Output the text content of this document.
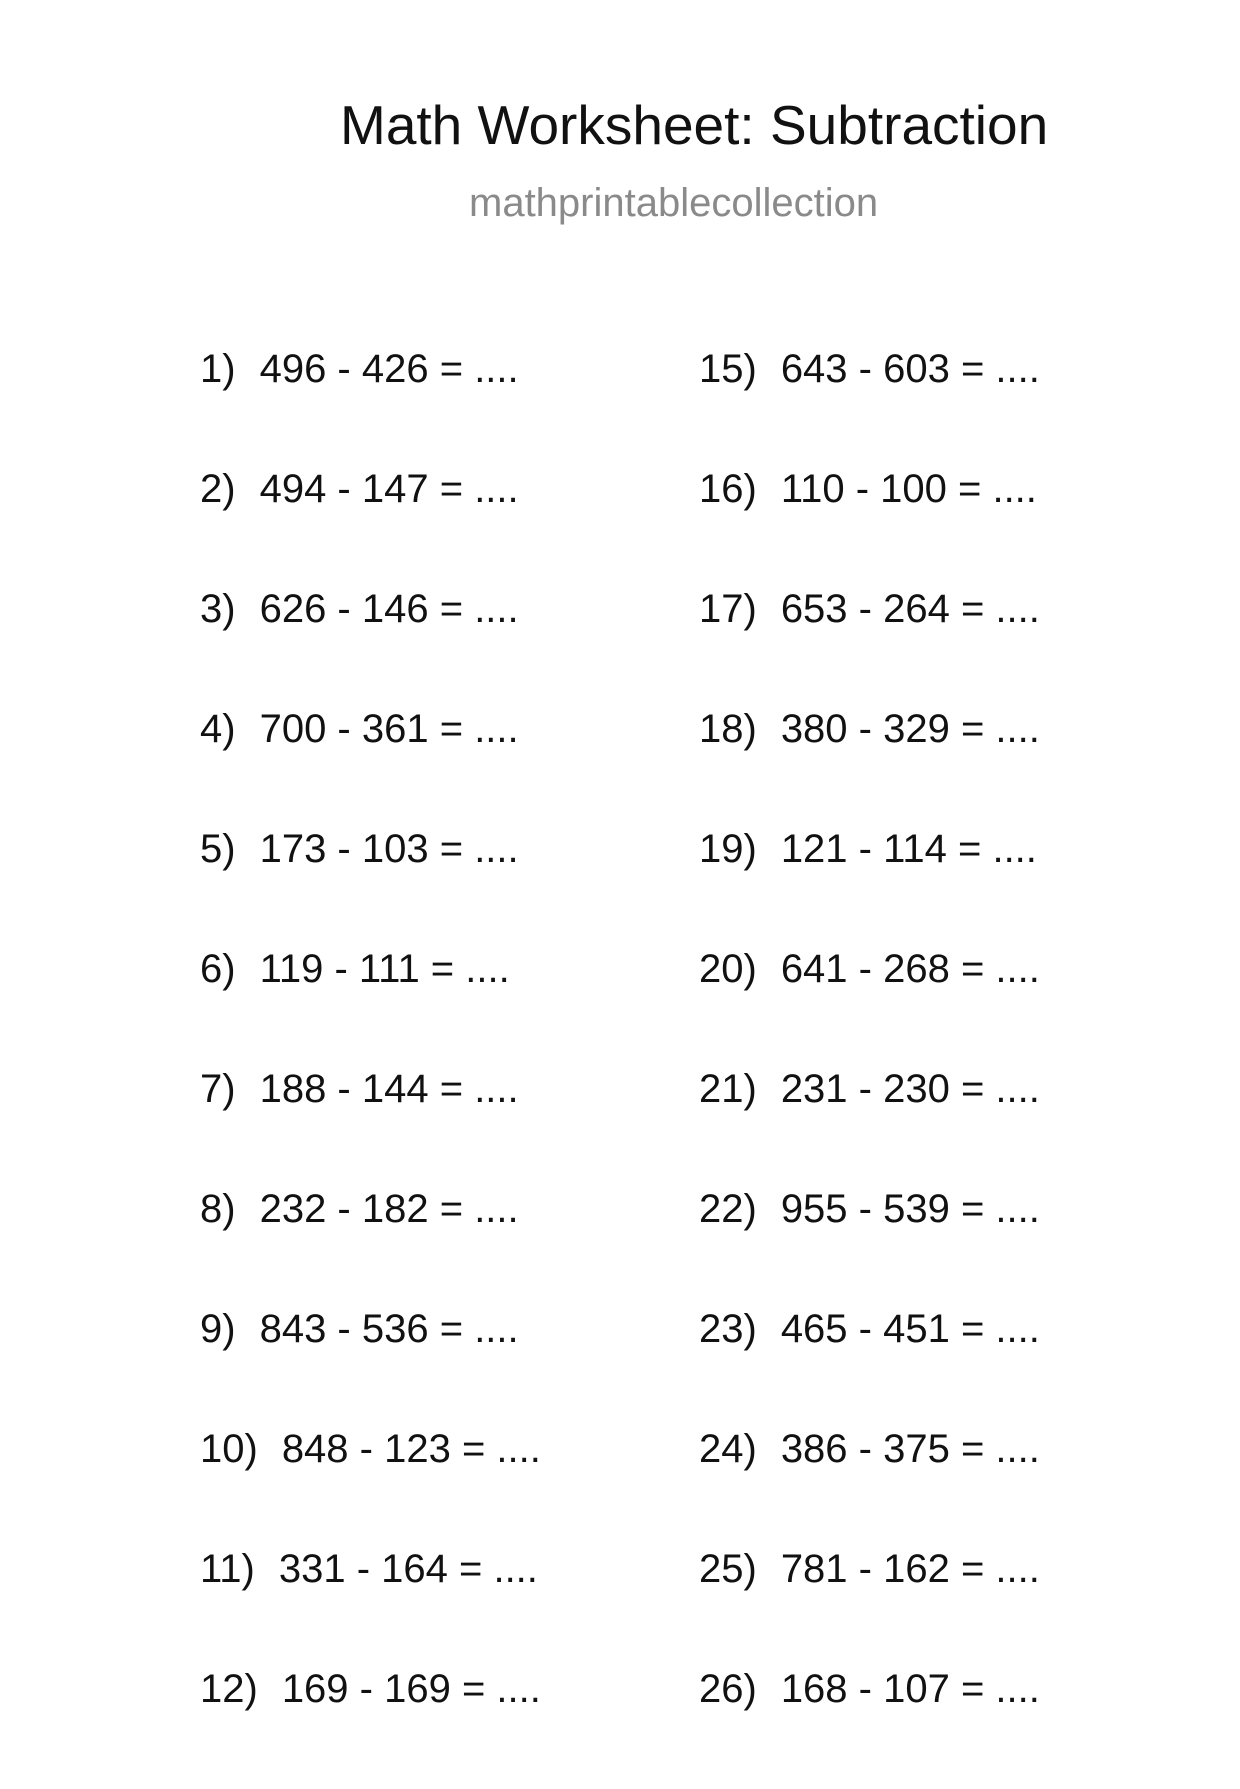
Math Worksheet: Subtraction
mathprintablecollection
1) 496 - 426 = ....
2) 494 - 147 = ....
3) 626 - 146 = ....
4) 700 - 361 = ....
5) 173 - 103 = ....
6) 119 - 111 = ....
7) 188 - 144 = ....
8) 232 - 182 = ....
9) 843 - 536 = ....
10) 848 - 123 = ....
11) 331 - 164 = ....
12) 169 - 169 = ....
15) 643 - 603 = ....
16) 110 - 100 = ....
17) 653 - 264 = ....
18) 380 - 329 = ....
19) 121 - 114 = ....
20) 641 - 268 = ....
21) 231 - 230 = ....
22) 955 - 539 = ....
23) 465 - 451 = ....
24) 386 - 375 = ....
25) 781 - 162 = ....
26) 168 - 107 = ....
